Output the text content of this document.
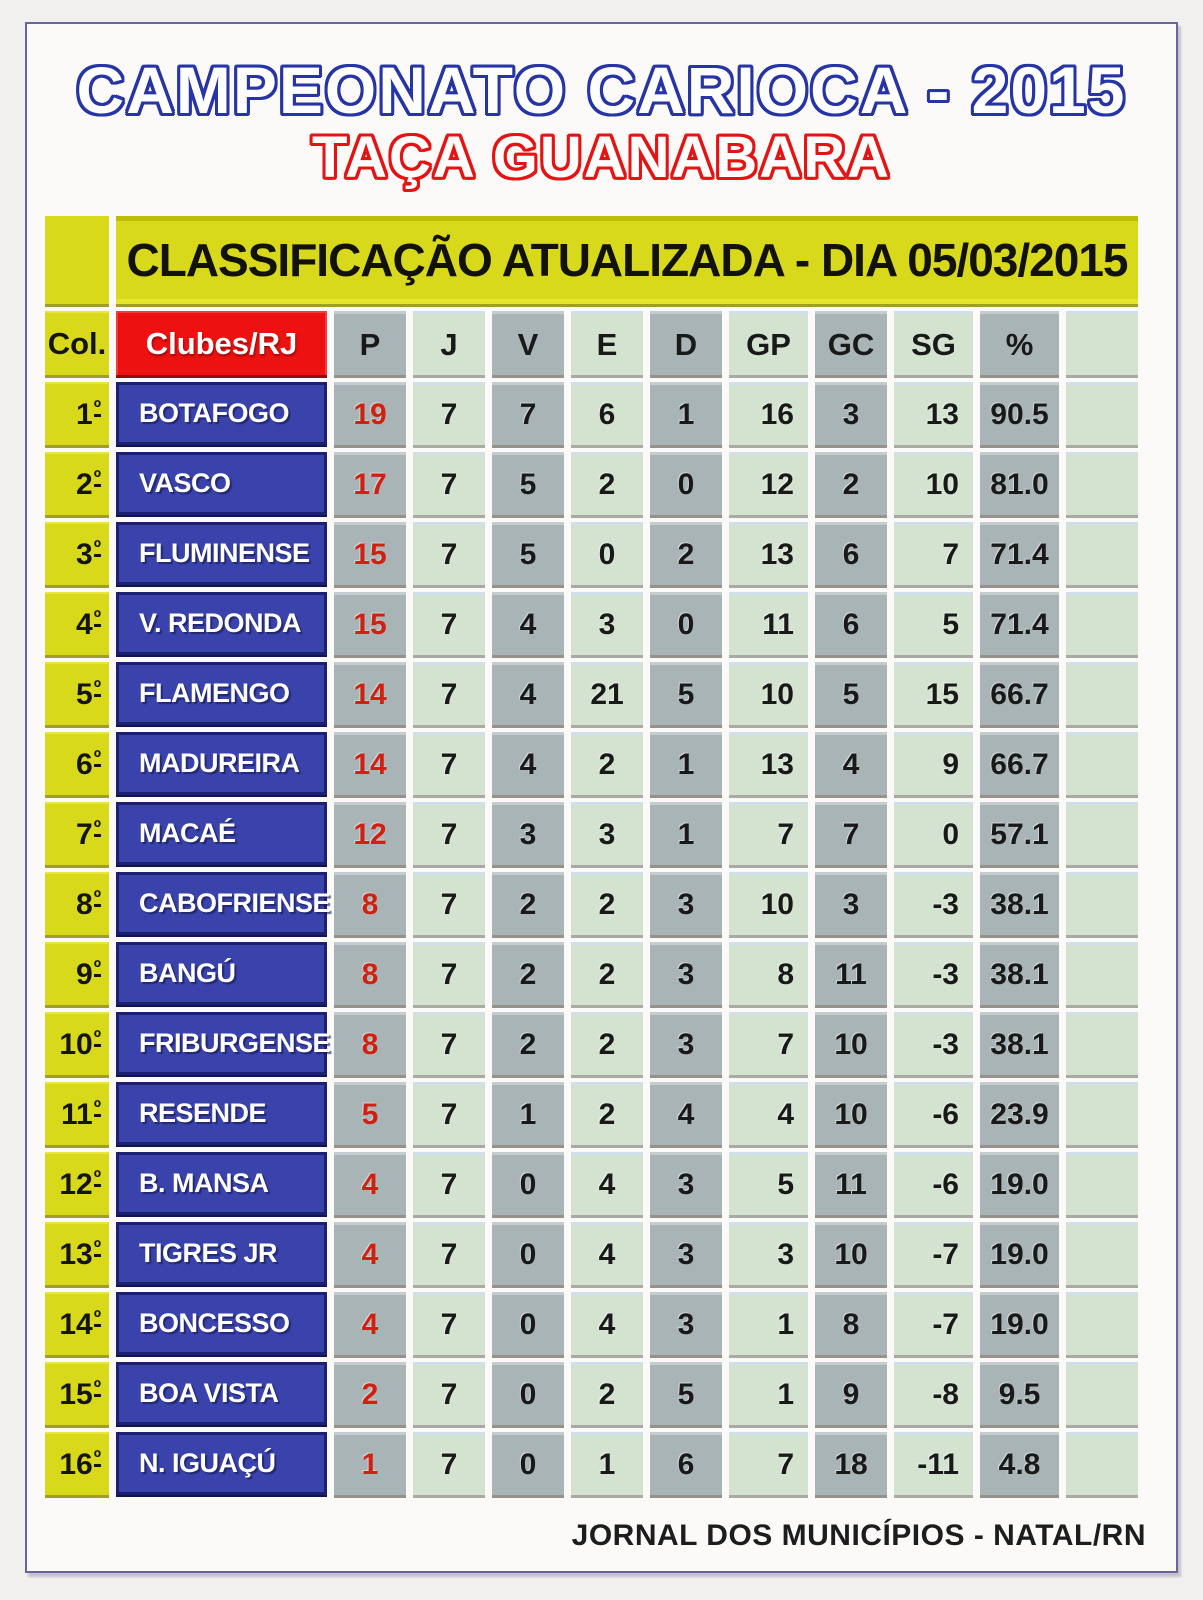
CAMPEONATO CARIOCA - 2015
TAÇA GUANABARA
CLASSIFICAÇÃO ATUALIZADA - DIA 05/03/2015
Col.	Clubes/RJ	P	J	V	E	D	GP	GC	SG	%
1 º	BOTAFOGO	19	7	7	6	1	16	3	13	90.5
2 º	VASCO	17	7	5	2	0	12	2	10	81.0
3 º	FLUMINENSE	15	7	5	0	2	13	6	7	71.4
4 º	V. REDONDA	15	7	4	3	0	11	6	5	71.4
5 º	FLAMENGO	14	7	4	21	5	10	5	15	66.7
6 º	MADUREIRA	14	7	4	2	1	13	4	9	66.7
7 º	MACAÉ	12	7	3	3	1	7	7	0	57.1
8 º	CABOFRIENSE	8	7	2	2	3	10	3	-3	38.1
9 º	BANGÚ	8	7	2	2	3	8	11	-3	38.1
10 º	FRIBURGENSE	8	7	2	2	3	7	10	-3	38.1
11 º	RESENDE	5	7	1	2	4	4	10	-6	23.9
12 º	B. MANSA	4	7	0	4	3	5	11	-6	19.0
13 º	TIGRES JR	4	7	0	4	3	3	10	-7	19.0
14 º	BONCESSO	4	7	0	4	3	1	8	-7	19.0
15 º	BOA VISTA	2	7	0	2	5	1	9	-8	9.5
16 º	N. IGUAÇÚ	1	7	0	1	6	7	18	-11	4.8
JORNAL DOS MUNICÍPIOS - NATAL/RN
